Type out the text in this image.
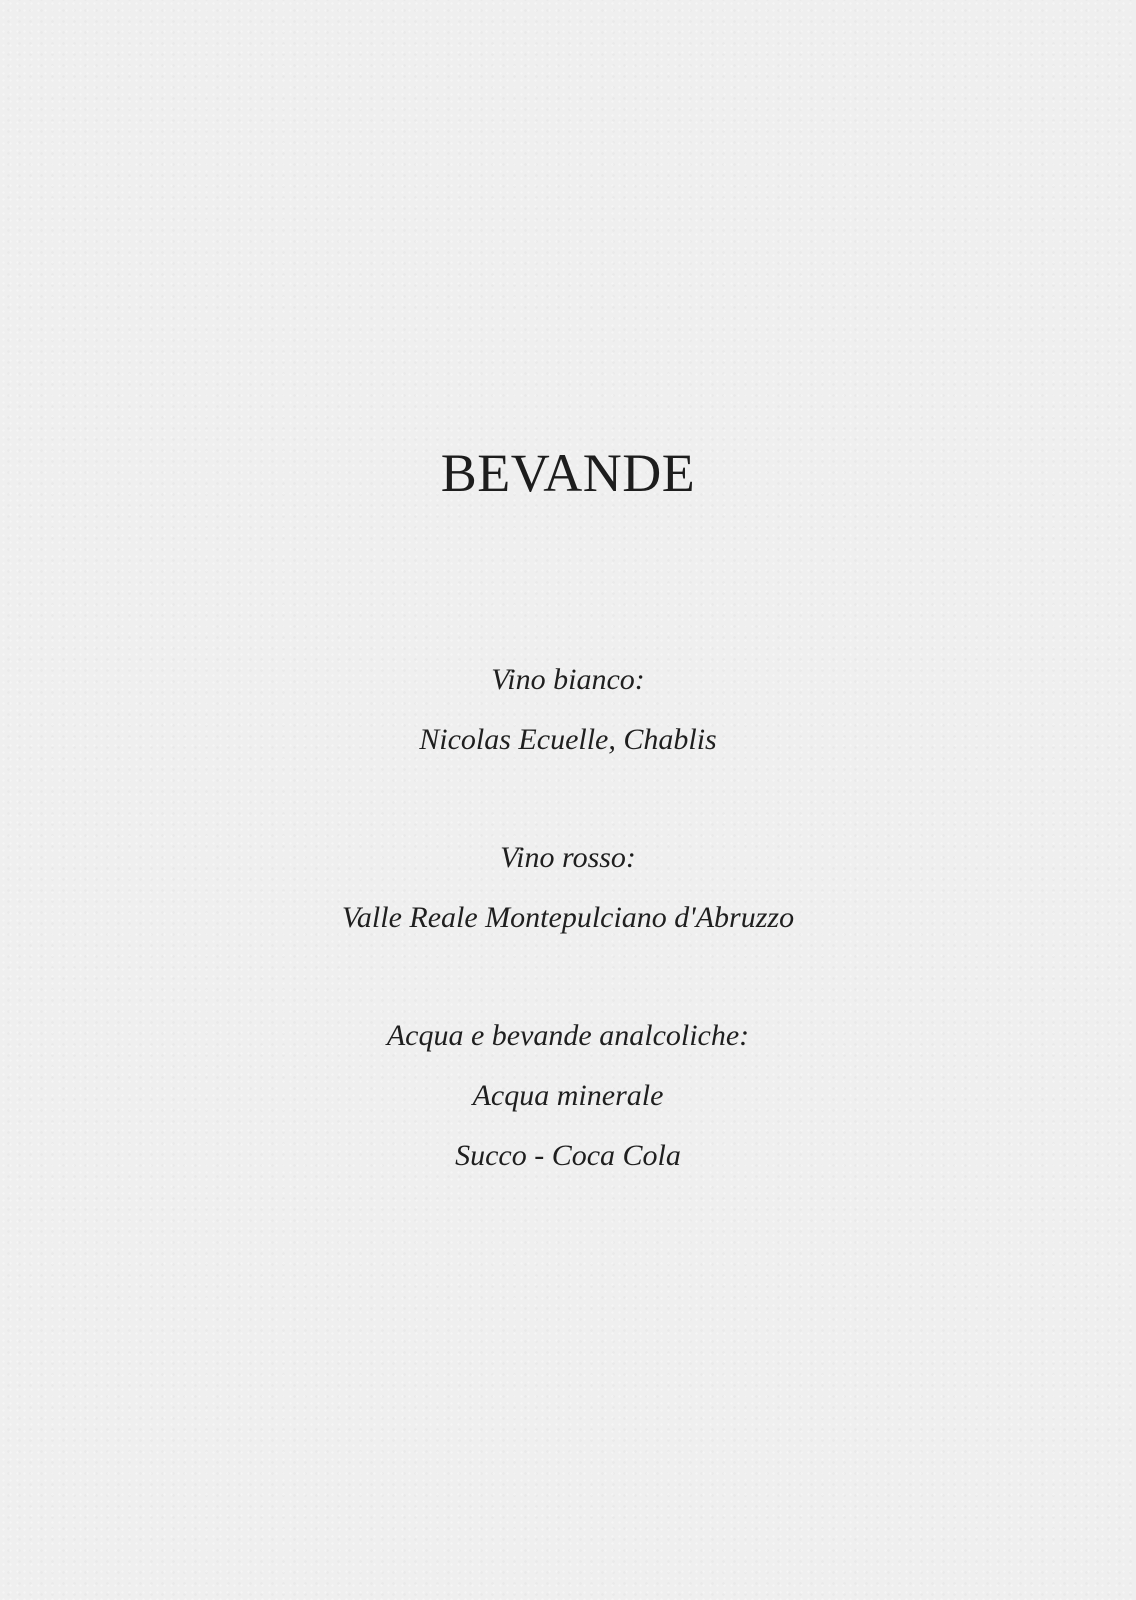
BEVANDE

Vino bianco:

Nicolas Ecuelle, Chablis

Vino rosso:

Valle Reale Montepulciano d'Abruzzo

Acqua e bevande analcoliche:

Acqua minerale

Succo - Coca Cola
